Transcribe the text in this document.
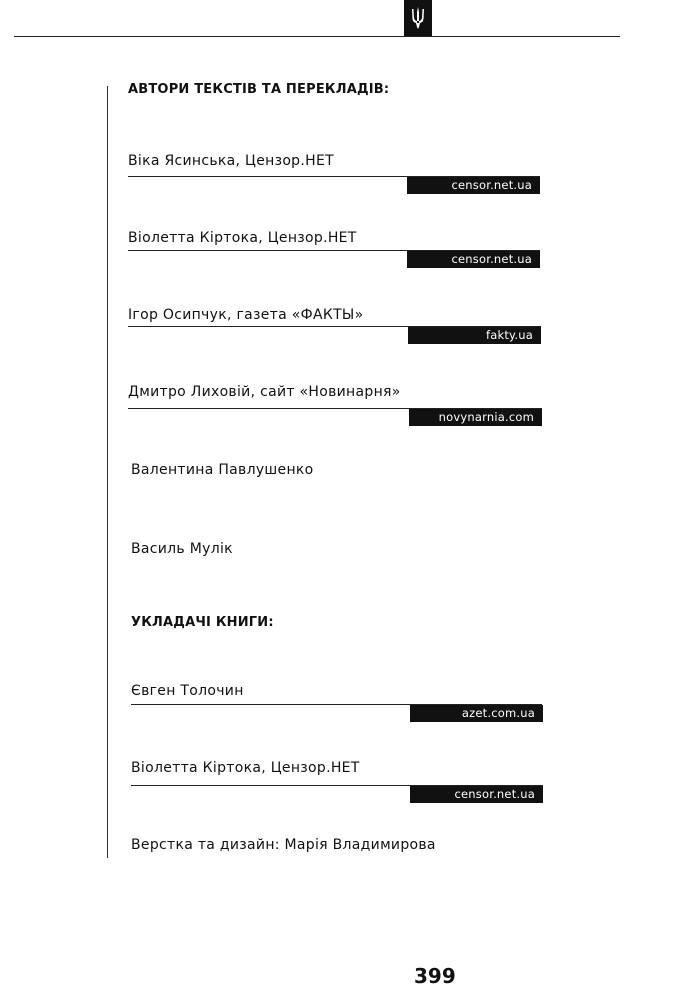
АВТОРИ ТЕКСТІВ ТА ПЕРЕКЛАДІВ:
Віка Ясинська, Цензор.НЕТ
censor.net.ua
Віолетта Кіртока, Цензор.НЕТ
censor.net.ua
Ігор Осипчук, газета «ФАКТЫ»
fakty.ua
Дмитро Лиховій, сайт «Новинарня»
novynarnia.com
Валентина Павлушенко
Василь Мулік
УКЛАДАЧІ КНИГИ:
Євген Толочин
azet.com.ua
Віолетта Кіртока, Цензор.НЕТ
censor.net.ua
Верстка та дизайн: Марія Владимирова
399
